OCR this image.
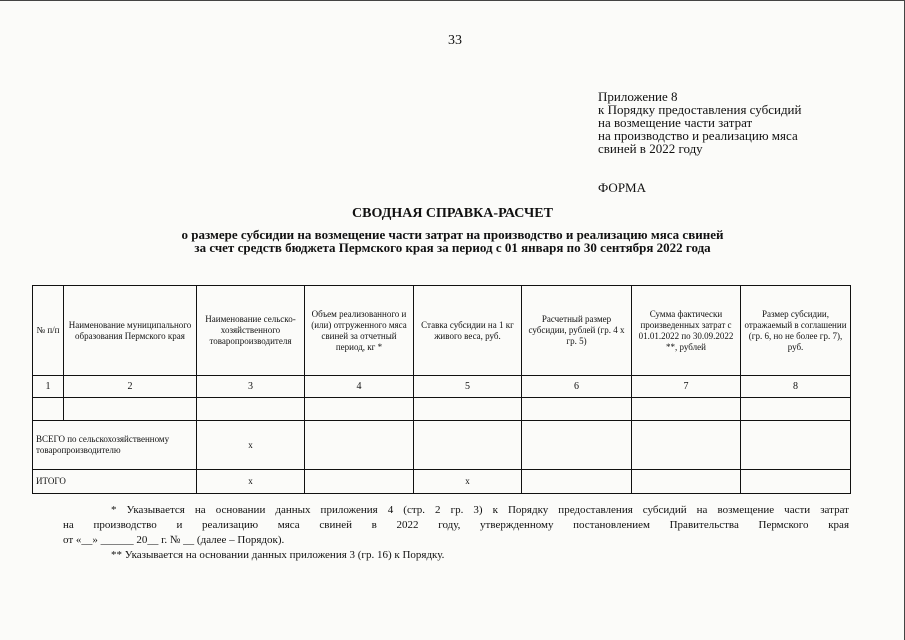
33
Приложение 8
к Порядку предоставления субсидий
на возмещение части затрат
на производство и реализацию мяса
свиней в 2022 году
ФОРМА
СВОДНАЯ СПРАВКА-РАСЧЕТ
о размере субсидии на возмещение части затрат на производство и реализацию мяса свиней
за счет средств бюджета Пермского края за период с 01 января по 30 сентября 2022 года
№ п/п	Наименование муниципального образования Пермского края	Наименование сельско-хозяйственного товаропроизводителя	Объем реализованного и (или) отгруженного мяса свиней за отчетный период, кг *	Ставка субсидии на 1 кг живого веса, руб.	Расчетный размер субсидии, рублей (гр. 4 х гр. 5)	Сумма фактически произведенных затрат с 01.01.2022 по 30.09.2022 **, рублей	Размер субсидии, отражаемый в соглашении (гр. 6, но не более гр. 7), руб.
1	2	3	4	5	6	7	8

ВСЕГО по сельскохозяйственному товаропроизводителю		х					
ИТОГО		х		х			

* Указывается на основании данных приложения 4 (стр. 2 гр. 3) к Порядку предоставления субсидий на возмещение части затрат

на производство и реализацию мяса свиней в 2022 году, утвержденному постановлением Правительства Пермского края

от «__» ______ 20__ г. № __ (далее – Порядок).

** Указывается на основании данных приложения 3 (гр. 16) к Порядку.
